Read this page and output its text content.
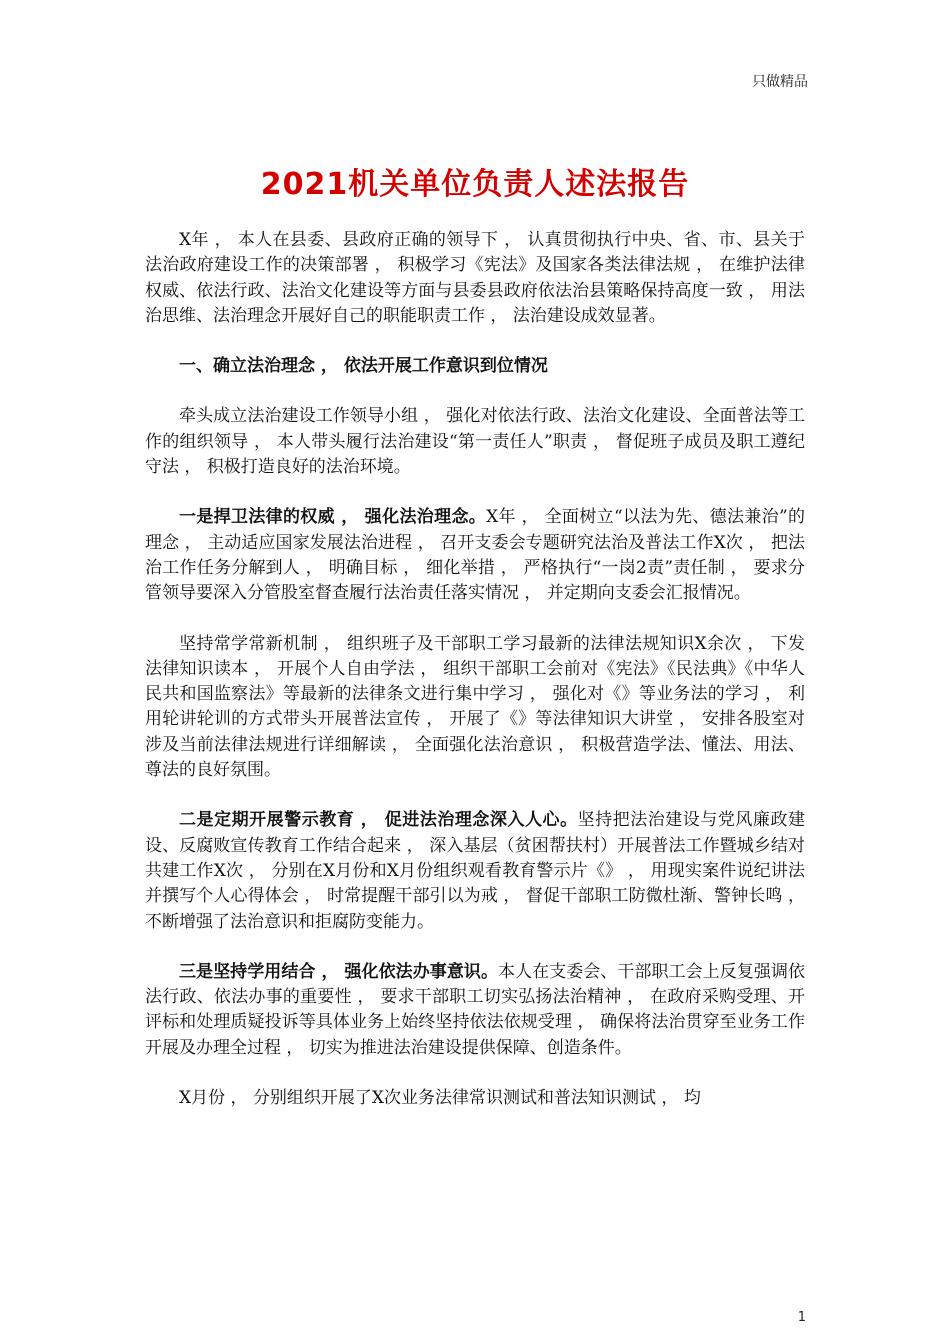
只做精品
2021机关单位负责人述法报告

X年 ， 本人在县委、县政府正确的领导下 ， 认真贯彻执行中央、省、市、县关于法治政府建设工作的决策部署 ， 积极学习《宪法》及国家各类法律法规 ， 在维护法律权威、依法行政、法治文化建设等方面与县委县政府依法治县策略保持高度一致 ， 用法治思维、法治理念开展好自己的职能职责工作 ， 法治建设成效显著。

一、确立法治理念 ， 依法开展工作意识到位情况

牵头成立法治建设工作领导小组 ， 强化对依法行政、法治文化建设、全面普法等工作的组织领导 ， 本人带头履行法治建设“第一责任人”职责 ， 督促班子成员及职工遵纪守法 ， 积极打造良好的法治环境。

一是捍卫法律的权威 ， 强化法治理念。X年 ， 全面树立“以法为先、德法兼治”的理念 ， 主动适应国家发展法治进程 ， 召开支委会专题研究法治及普法工作X次 ， 把法治工作任务分解到人 ， 明确目标 ， 细化举措 ， 严格执行“一岗2责”责任制 ， 要求分管领导要深入分管股室督查履行法治责任落实情况 ， 并定期向支委会汇报情况。

坚持常学常新机制 ， 组织班子及干部职工学习最新的法律法规知识X余次 ， 下发法律知识读本 ， 开展个人自由学法 ， 组织干部职工会前对《宪法》《民法典》《中华人民共和国监察法》等最新的法律条文进行集中学习 ， 强化对《》等业务法的学习 ， 利用轮讲轮训的方式带头开展普法宣传 ， 开展了《》等法律知识大讲堂 ， 安排各股室对涉及当前法律法规进行详细解读 ， 全面强化法治意识 ， 积极营造学法、懂法、用法、尊法的良好氛围。

二是定期开展警示教育 ， 促进法治理念深入人心。坚持把法治建设与党风廉政建设、反腐败宣传教育工作结合起来 ， 深入基层（贫困帮扶村）开展普法工作暨城乡结对共建工作X次 ， 分别在X月份和X月份组织观看教育警示片《》 ， 用现实案件说纪讲法并撰写个人心得体会 ， 时常提醒干部引以为戒 ， 督促干部职工防微杜渐、警钟长鸣 ， 不断增强了法治意识和拒腐防变能力。

三是坚持学用结合 ， 强化依法办事意识。本人在支委会、干部职工会上反复强调依法行政、依法办事的重要性 ， 要求干部职工切实弘扬法治精神 ， 在政府采购受理、开评标和处理质疑投诉等具体业务上始终坚持依法依规受理 ， 确保将法治贯穿至业务工作开展及办理全过程 ， 切实为推进法治建设提供保障、创造条件。

X月份 ， 分别组织开展了X次业务法律常识测试和普法知识测试 ， 均

1
